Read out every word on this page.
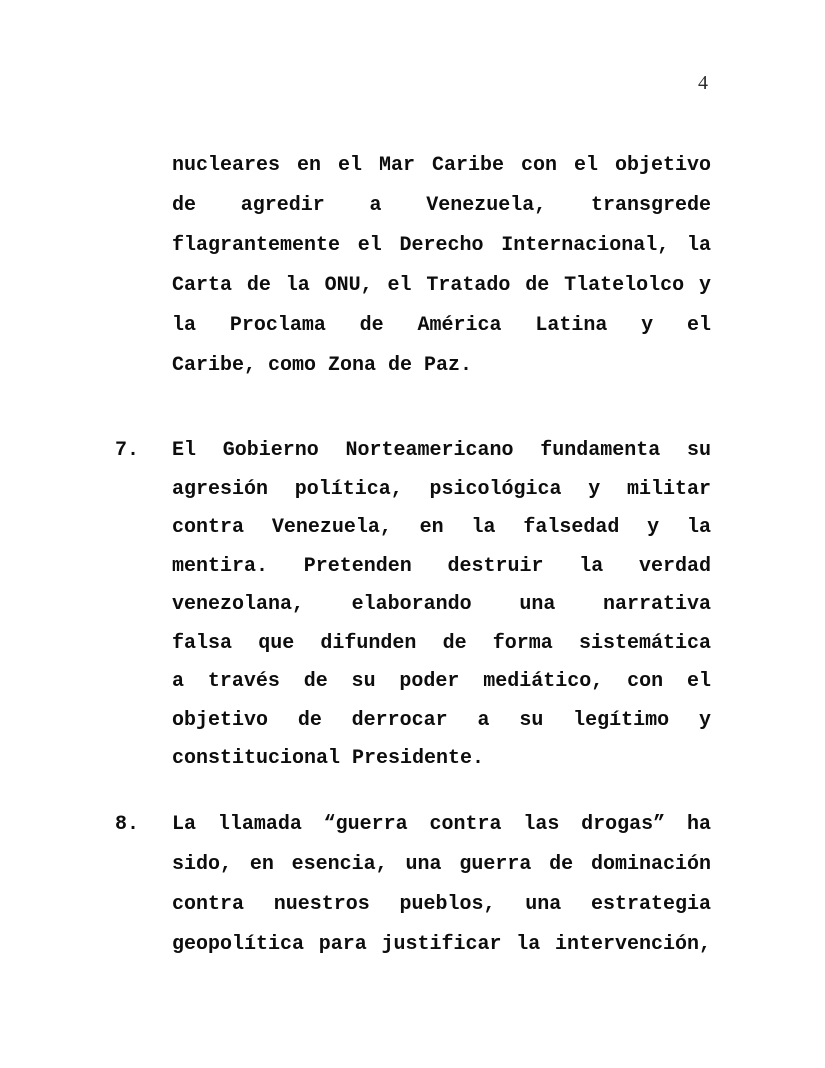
4
nucleares en el Mar Caribe con el objetivo
de agredir a Venezuela, transgrede
flagrantemente el Derecho Internacional, la
Carta de la ONU, el Tratado de Tlatelolco y
la Proclama de América Latina y el
Caribe, como Zona de Paz.
7.	El Gobierno Norteamericano fundamenta su
agresión política, psicológica y militar
contra Venezuela, en la falsedad y la
mentira. Pretenden destruir la verdad
venezolana, elaborando una narrativa
falsa que difunden de forma sistemática
a través de su poder mediático, con el
objetivo de derrocar a su legítimo y
constitucional Presidente.
8.	La llamada “guerra contra las drogas” ha
sido, en esencia, una guerra de dominación
contra nuestros pueblos, una estrategia
geopolítica para justificar la intervención,
